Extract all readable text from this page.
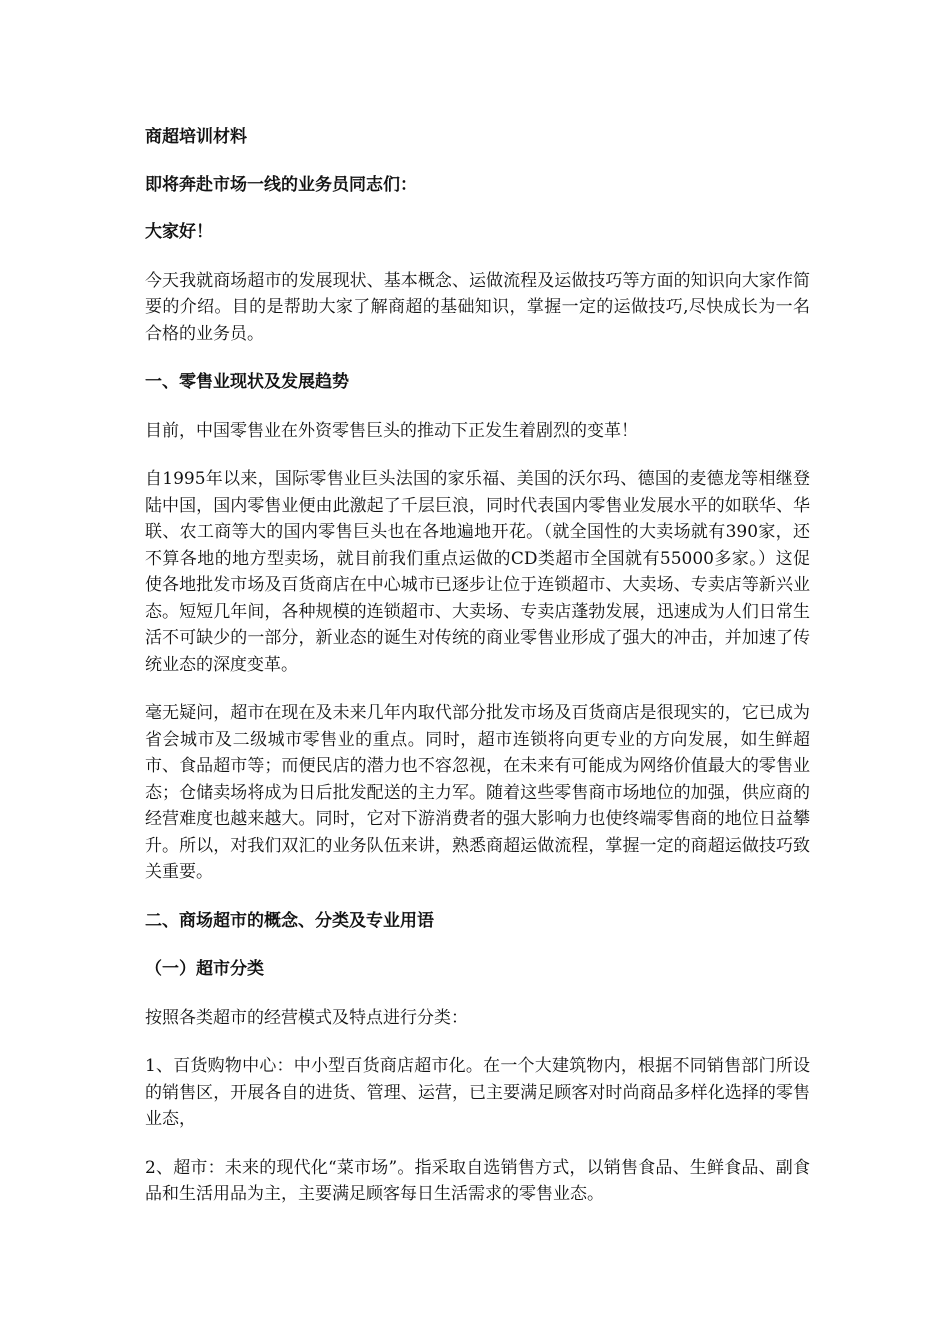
商超培训材料

即将奔赴市场一线的业务员同志们：

大家好！

今天我就商场超市的发展现状、基本概念、运做流程及运做技巧等方面的知识向大家作简要的介绍。目的是帮助大家了解商超的基础知识，掌握一定的运做技巧,尽快成长为一名合格的业务员。

一、零售业现状及发展趋势

目前，中国零售业在外资零售巨头的推动下正发生着剧烈的变革！

自1995年以来，国际零售业巨头法国的家乐福、美国的沃尔玛、德国的麦德龙等相继登陆中国，国内零售业便由此激起了千层巨浪，同时代表国内零售业发展水平的如联华、华联、农工商等大的国内零售巨头也在各地遍地开花。（就全国性的大卖场就有390家，还不算各地的地方型卖场，就目前我们重点运做的CD类超市全国就有55000多家。）这促使各地批发市场及百货商店在中心城市已逐步让位于连锁超市、大卖场、专卖店等新兴业态。短短几年间，各种规模的连锁超市、大卖场、专卖店蓬勃发展，迅速成为人们日常生活不可缺少的一部分，新业态的诞生对传统的商业零售业形成了强大的冲击，并加速了传统业态的深度变革。

毫无疑问，超市在现在及未来几年内取代部分批发市场及百货商店是很现实的，它已成为省会城市及二级城市零售业的重点。同时，超市连锁将向更专业的方向发展，如生鲜超市、食品超市等；而便民店的潜力也不容忽视，在未来有可能成为网络价值最大的零售业态；仓储卖场将成为日后批发配送的主力军。随着这些零售商市场地位的加强，供应商的经营难度也越来越大。同时，它对下游消费者的强大影响力也使终端零售商的地位日益攀升。所以，对我们双汇的业务队伍来讲，熟悉商超运做流程，掌握一定的商超运做技巧致关重要。

二、商场超市的概念、分类及专业用语

（一）超市分类

按照各类超市的经营模式及特点进行分类：

1、百货购物中心：中小型百货商店超市化。在一个大建筑物内，根据不同销售部门所设的销售区，开展各自的进货、管理、运营，已主要满足顾客对时尚商品多样化选择的零售业态，

2、超市：未来的现代化“菜市场”。指采取自选销售方式，以销售食品、生鲜食品、副食品和生活用品为主，主要满足顾客每日生活需求的零售业态。
